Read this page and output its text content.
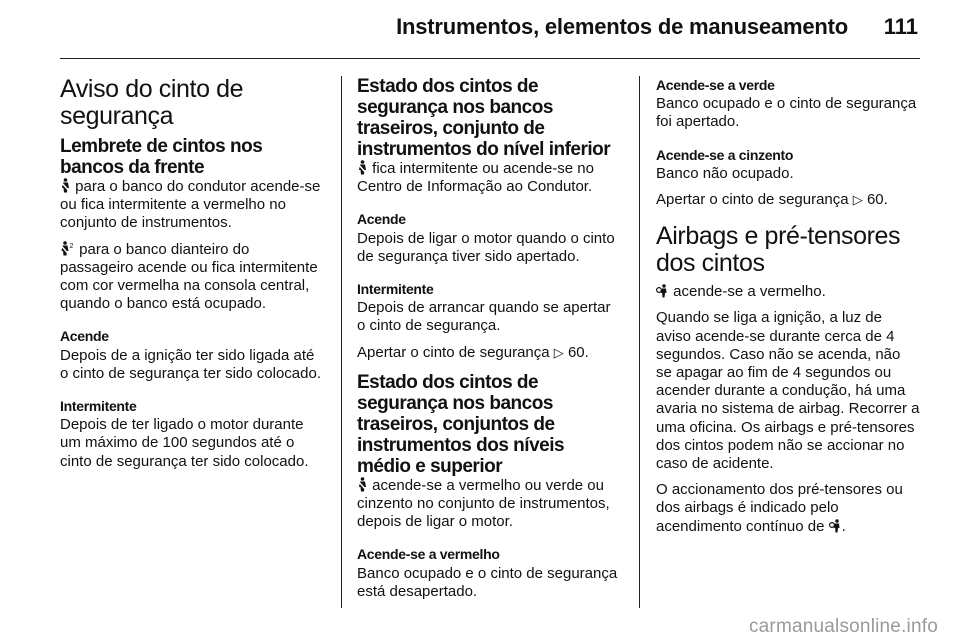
Instrumentos, elementos de manuseamento 111
Aviso do cinto de segurança
Lembrete de cintos nos bancos da frente

para o banco do condutor acende-se ou fica intermitente a vermelho no conjunto de instrumentos.

2 para o banco dianteiro do passageiro acende ou fica intermitente com cor vermelha na consola central, quando o banco está ocupado.

Acende
Depois de a ignição ter sido ligada até o cinto de segurança ter sido colocado.

Intermitente
Depois de ter ligado o motor durante um máximo de 100 segundos até o cinto de segurança ter sido colocado.

Estado dos cintos de segurança nos bancos traseiros, conjunto de instrumentos do nível inferior

fica intermitente ou acende-se no Centro de Informação ao Condutor.

Acende
Depois de ligar o motor quando o cinto de segurança tiver sido apertado.

Intermitente
Depois de arrancar quando se apertar o cinto de segurança.

Apertar o cinto de segurança ▷ 60.

Estado dos cintos de segurança nos bancos traseiros, conjuntos de instrumentos dos níveis médio e superior

acende-se a vermelho ou verde ou cinzento no conjunto de instrumentos, depois de ligar o motor.

Acende-se a vermelho
Banco ocupado e o cinto de segurança está desapertado.

Acende-se a verde
Banco ocupado e o cinto de segurança foi apertado.

Acende-se a cinzento
Banco não ocupado.

Apertar o cinto de segurança ▷ 60.

Airbags e pré-tensores dos cintos

acende-se a vermelho.

Quando se liga a ignição, a luz de aviso acende-se durante cerca de 4 segundos. Caso não se acenda, não se apagar ao fim de 4 segundos ou acender durante a condução, há uma avaria no sistema de airbag. Recorrer a uma oficina. Os airbags e pré-tensores dos cintos podem não se accionar no caso de acidente.

O accionamento dos pré-tensores ou dos airbags é indicado pelo acendimento contínuo de .

carmanualsonline.info
